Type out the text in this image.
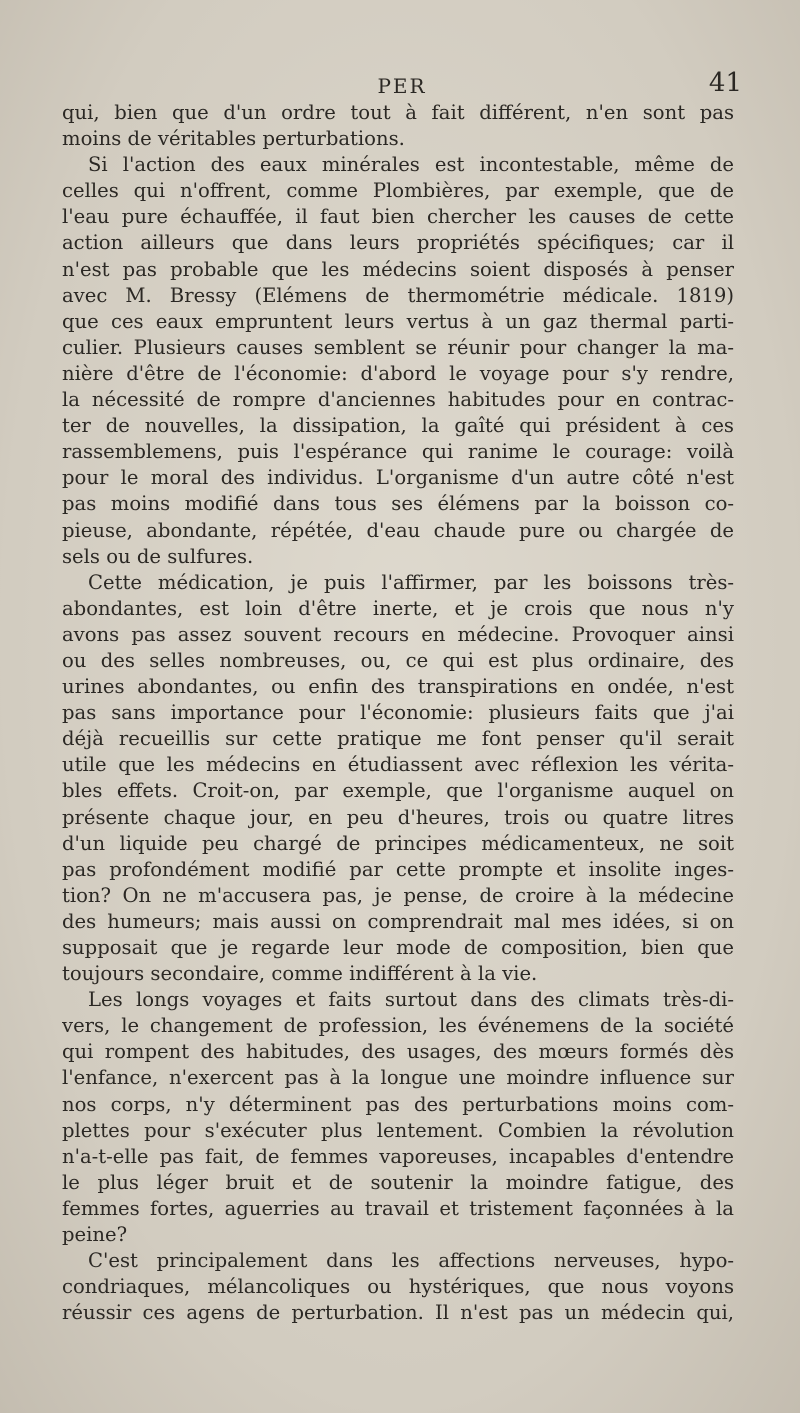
PER	41
qui, bien que d'un ordre tout à fait différent, n'en sont pas
moins de véritables perturbations.
Si l'action des eaux minérales est incontestable, même de
celles qui n'offrent, comme Plombières, par exemple, que de
l'eau pure échauffée, il faut bien chercher les causes de cette
action ailleurs que dans leurs propriétés spécifiques; car il
n'est pas probable que les médecins soient disposés à penser
avec M. Bressy (Elémens de thermométrie médicale. 1819)
que ces eaux empruntent leurs vertus à un gaz thermal parti-
culier. Plusieurs causes semblent se réunir pour changer la ma-
nière d'être de l'économie: d'abord le voyage pour s'y rendre,
la nécessité de rompre d'anciennes habitudes pour en contrac-
ter de nouvelles, la dissipation, la gaîté qui président à ces
rassemblemens, puis l'espérance qui ranime le courage: voilà
pour le moral des individus. L'organisme d'un autre côté n'est
pas moins modifié dans tous ses élémens par la boisson co-
pieuse, abondante, répétée, d'eau chaude pure ou chargée de
sels ou de sulfures.
Cette médication, je puis l'affirmer, par les boissons très-
abondantes, est loin d'être inerte, et je crois que nous n'y
avons pas assez souvent recours en médecine. Provoquer ainsi
ou des selles nombreuses, ou, ce qui est plus ordinaire, des
urines abondantes, ou enfin des transpirations en ondée, n'est
pas sans importance pour l'économie: plusieurs faits que j'ai
déjà recueillis sur cette pratique me font penser qu'il serait
utile que les médecins en étudiassent avec réflexion les vérita-
bles effets. Croit-on, par exemple, que l'organisme auquel on
présente chaque jour, en peu d'heures, trois ou quatre litres
d'un liquide peu chargé de principes médicamenteux, ne soit
pas profondément modifié par cette prompte et insolite inges-
tion? On ne m'accusera pas, je pense, de croire à la médecine
des humeurs; mais aussi on comprendrait mal mes idées, si on
supposait que je regarde leur mode de composition, bien que
toujours secondaire, comme indifférent à la vie.
Les longs voyages et faits surtout dans des climats très-di-
vers, le changement de profession, les événemens de la société
qui rompent des habitudes, des usages, des mœurs formés dès
l'enfance, n'exercent pas à la longue une moindre influence sur
nos corps, n'y déterminent pas des perturbations moins com-
plettes pour s'exécuter plus lentement. Combien la révolution
n'a-t-elle pas fait, de femmes vaporeuses, incapables d'entendre
le plus léger bruit et de soutenir la moindre fatigue, des
femmes fortes, aguerries au travail et tristement façonnées à la
peine?
C'est principalement dans les affections nerveuses, hypo-
condriaques, mélancoliques ou hystériques, que nous voyons
réussir ces agens de perturbation. Il n'est pas un médecin qui,
